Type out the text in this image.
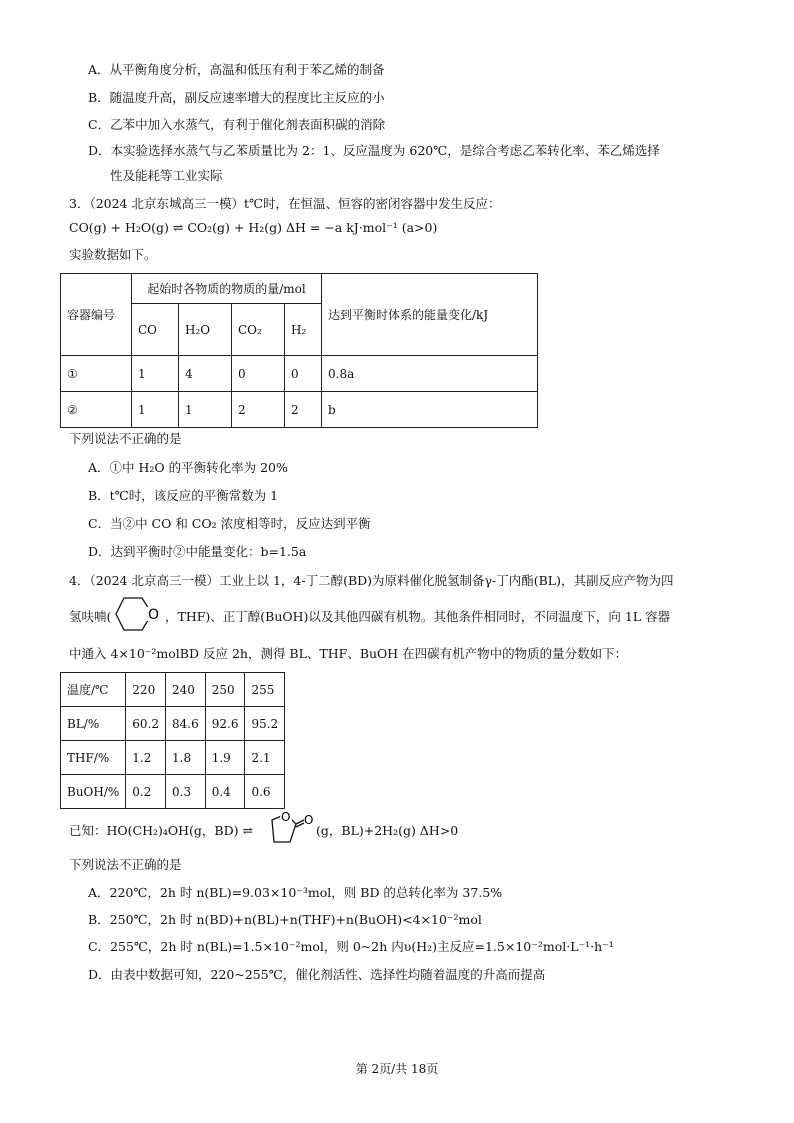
A．从平衡角度分析，高温和低压有利于苯乙烯的制备
B．随温度升高，副反应速率增大的程度比主反应的小
C．乙苯中加入水蒸气，有利于催化剂表面积碳的消除
D．本实验选择水蒸气与乙苯质量比为 2：1、反应温度为 620℃，是综合考虑乙苯转化率、苯乙烯选择
性及能耗等工业实际
3．（2024 北京东城高三一模）t℃时，在恒温、恒容的密闭容器中发生反应：
CO(g) + H₂O(g) ⇌ CO₂(g) + H₂(g) ΔH = −a kJ·mol⁻¹ (a>0)
实验数据如下。
容器编号	起始时各物质的物质的量/mol				达到平衡时体系的能量变化/kJ
	CO	H₂O	CO₂	H₂	
①	1	4	0	0	0.8a
②	1	1	2	2	b
下列说法不正确的是
A．①中 H₂O 的平衡转化率为 20%
B．t℃时，该反应的平衡常数为 1
C．当②中 CO 和 CO₂ 浓度相等时，反应达到平衡
D．达到平衡时②中能量变化：b=1.5a
4．（2024 北京高三一模）工业上以 1，4-丁二醇(BD)为原料催化脱氢制备γ-丁内酯(BL)，其副反应产物为四
氢呋喃(	O ，THF)、正丁醇(BuOH)以及其他四碳有机物。其他条件相同时，不同温度下，向 1L 容器
中通入 4×10⁻²molBD 反应 2h，测得 BL、THF、BuOH 在四碳有机产物中的物质的量分数如下：
温度/℃	220	240	250	255
BL/%	60.2	84.6	92.6	95.2
THF/%	1.2	1.8	1.9	2.1
BuOH/%	0.2	0.3	0.4	0.6
已知：HO(CH₂)₄OH(g，BD) ⇌
O O
(g，BL)+2H₂(g) ΔH>0
下列说法不正确的是
A．220℃，2h 时 n(BL)=9.03×10⁻³mol，则 BD 的总转化率为 37.5%
B．250℃，2h 时 n(BD)+n(BL)+n(THF)+n(BuOH)<4×10⁻²mol
C．255℃，2h 时 n(BL)=1.5×10⁻²mol，则 0~2h 内υ(H₂)主反应=1.5×10⁻²mol·L⁻¹·h⁻¹
D．由表中数据可知，220~255℃，催化剂活性、选择性均随着温度的升高而提高
第 2页/共 18页
